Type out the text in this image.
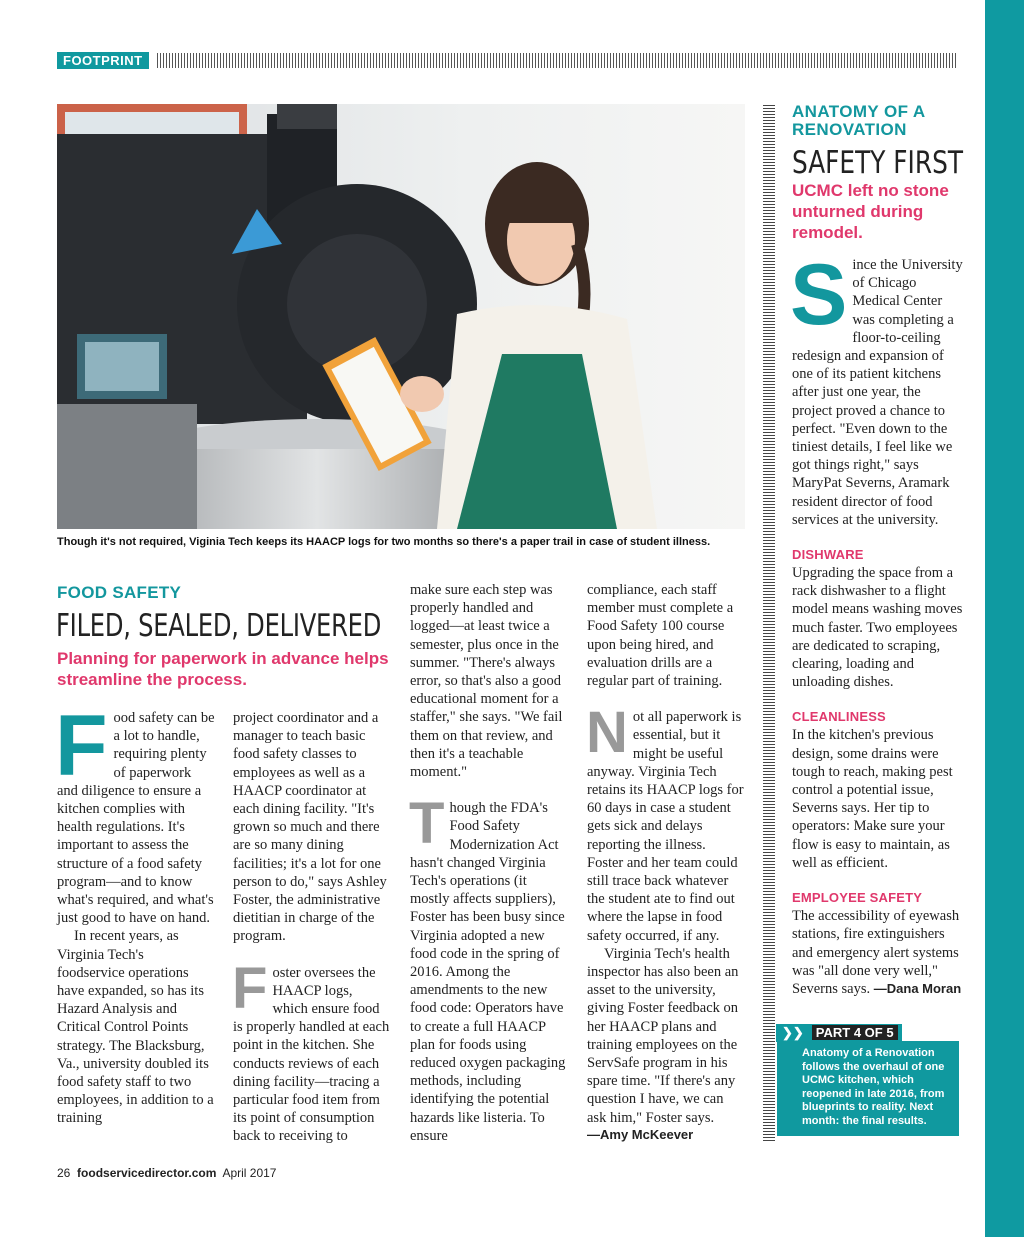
FOOTPRINT
Though it's not required, Viginia Tech keeps its HAACP logs for two months so there's a paper trail in case of student illness.
FOOD SAFETY
FILED, SEALED, DELIVERED
Planning for paperwork in advance helps streamline the process.

Food safety can be a lot to handle, requiring plenty of paperwork and diligence to ensure a kitchen complies with health regulations. It's important to assess the structure of a food safety program—and to know what's required, and what's just good to have on hand.

In recent years, as Virginia Tech's foodservice operations have expanded, so has its Hazard Analysis and Critical Control Points strategy. The Blacksburg, Va., university doubled its food safety staff to two employees, in addition to a training

project coordinator and a manager to teach basic food safety classes to employees as well as a HAACP coordinator at each dining facility. "It's grown so much and there are so many dining facilities; it's a lot for one person to do," says Ashley Foster, the administrative dietitian in charge of the program.

Foster oversees the HAACP logs, which ensure food is properly handled at each point in the kitchen. She conducts reviews of each dining facility—tracing a particular food item from its point of consumption back to receiving to

make sure each step was properly handled and logged—at least twice a semester, plus once in the summer. "There's always error, so that's also a good educational moment for a staffer," she says. "We fail them on that review, and then it's a teachable moment."

Though the FDA's Food Safety Modernization Act hasn't changed Virginia Tech's operations (it mostly affects suppliers), Foster has been busy since Virginia adopted a new food code in the spring of 2016. Among the amendments to the new food code: Operators have to create a full HAACP plan for foods using reduced oxygen packaging methods, including identifying the potential hazards like listeria. To ensure

compliance, each staff member must complete a Food Safety 100 course upon being hired, and evaluation drills are a regular part of training.

Not all paperwork is essential, but it might be useful anyway. Virginia Tech retains its HAACP logs for 60 days in case a student gets sick and delays reporting the illness. Foster and her team could still trace back whatever the student ate to find out where the lapse in food safety occurred, if any.

Virginia Tech's health inspector has also been an asset to the university, giving Foster feedback on her HAACP plans and training employees on the ServSafe program in his spare time. "If there's any question I have, we can ask him," Foster says.

—Amy McKeever

ANATOMY OF A RENOVATION
SAFETY FIRST
UCMC left no stone unturned during remodel.

Since the University of Chicago Medical Center was completing a floor-to-ceiling redesign and expansion of one of its patient kitchens after just one year, the project proved a chance to perfect. "Even down to the tiniest details, I feel like we got things right," says MaryPat Severns, Aramark resident director of food services at the university.

DISHWARE

Upgrading the space from a rack dishwasher to a flight model means washing moves much faster. Two employees are dedicated to scraping, clearing, loading and unloading dishes.

CLEANLINESS

In the kitchen's previous design, some drains were tough to reach, making pest control a potential issue, Severns says. Her tip to operators: Make sure your flow is easy to maintain, as well as efficient.

EMPLOYEE SAFETY

The accessibility of eyewash stations, fire extinguishers and emergency alert systems was "all done very well," Severns says. —Dana Moran

❯❯ PART 4 OF 5
Anatomy of a Renovation follows the overhaul of one UCMC kitchen, which reopened in late 2016, from blueprints to reality. Next month: the final results.
26 foodservicedirector.com April 2017
